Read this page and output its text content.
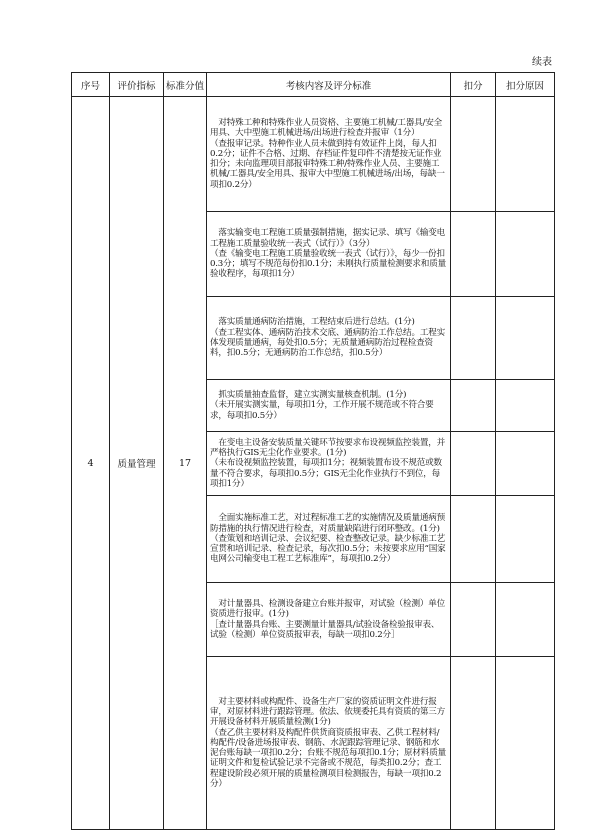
续表
序号	评价指标	标准分值	考核内容及评分标准	扣分	扣分原因
4	质量管理	17	　对特殊工种和特殊作业人员资格、主要施工机械/工器具/安全用具、大中型施工机械进场/出场进行检查并报审（1分）
（查报审记录。特种作业人员未做到持有效证件上岗，每人扣0.2分；证件不合格、过期、存档证件复印件不清楚按无证作业扣分；未向监理项目部报审特殊工种/特殊作业人员、主要施工机械/工器具/安全用具、报审大中型施工机械进场/出场，每缺一项扣0.2分）		

			　落实输变电工程施工质量强制措施，据实记录、填写《输变电工程施工质量验收统一表式（试行）》（3分）
（查《输变电工程施工质量验收统一表式（试行）》，每少一份扣0.3分；填写不规范每份扣0.1分；未刚执行质量检测要求和质量验收程序，每项扣1分）		

			　落实质量通病防治措施，工程结束后进行总结。(1分)
（查工程实体、通病防治技术交底、通病防治工作总结。工程实体发现质量通病，每处扣0.5分；无质量通病防治过程检查资料，扣0.5分；无通病防治工作总结，扣0.5分）		

			　抓实质量抽查监督，建立实测实量核查机制。(1分)
（未开展实测实量，每项扣1分，工作开展不规范或不符合要求，每项扣0.5分）		

			　在变电主设备安装质量关键环节按要求布设视频监控装置，并严格执行GIS无尘化作业要求。(1分)
（未布设视频监控装置，每项扣1分；视频装置布设不规范或数量不符合要求，每项扣0.5分；GIS无尘化作业执行不到位，每项扣1分）		

			　全面实施标准工艺，对过程标准工艺的实施情况及质量通病预防措施的执行情况进行检查，对质量缺陷进行闭环整改。(1分)
（查策划和培训记录、会议纪要、检查整改记录。缺少标准工艺宣贯和培训记录、检查记录，每次扣0.5分；未按要求应用“国家电网公司输变电工程工艺标准库”，每项扣0.2分）		

			　对计量器具、检测设备建立台账并报审，对试验（检测）单位资质进行报审。(1分)
［查计量器具台账、主要测量计量器具/试验设备检验报审表、试验（检测）单位资质报审表，每缺一项扣0.2分］		

			　对主要材料或构配件、设备生产厂家的资质证明文件进行报审，对原材料进行跟踪管理。依法、依规委托具有资质的第三方开展设备材料开展质量检测(1分)
（查乙供主要材料及构配件供货商资质报审表、乙供工程材料/构配件/设备进场报审表、钢筋、水泥跟踪管理记录、钢筋和水泥台账每缺一项扣0.2分；台账不规范每项扣0.1分；原材料质量证明文件和复检试验记录不完备或不规范，每类扣0.2分；查工程建设阶段必须开展的质量检测项目检测报告，每缺一项扣0.2分）		
